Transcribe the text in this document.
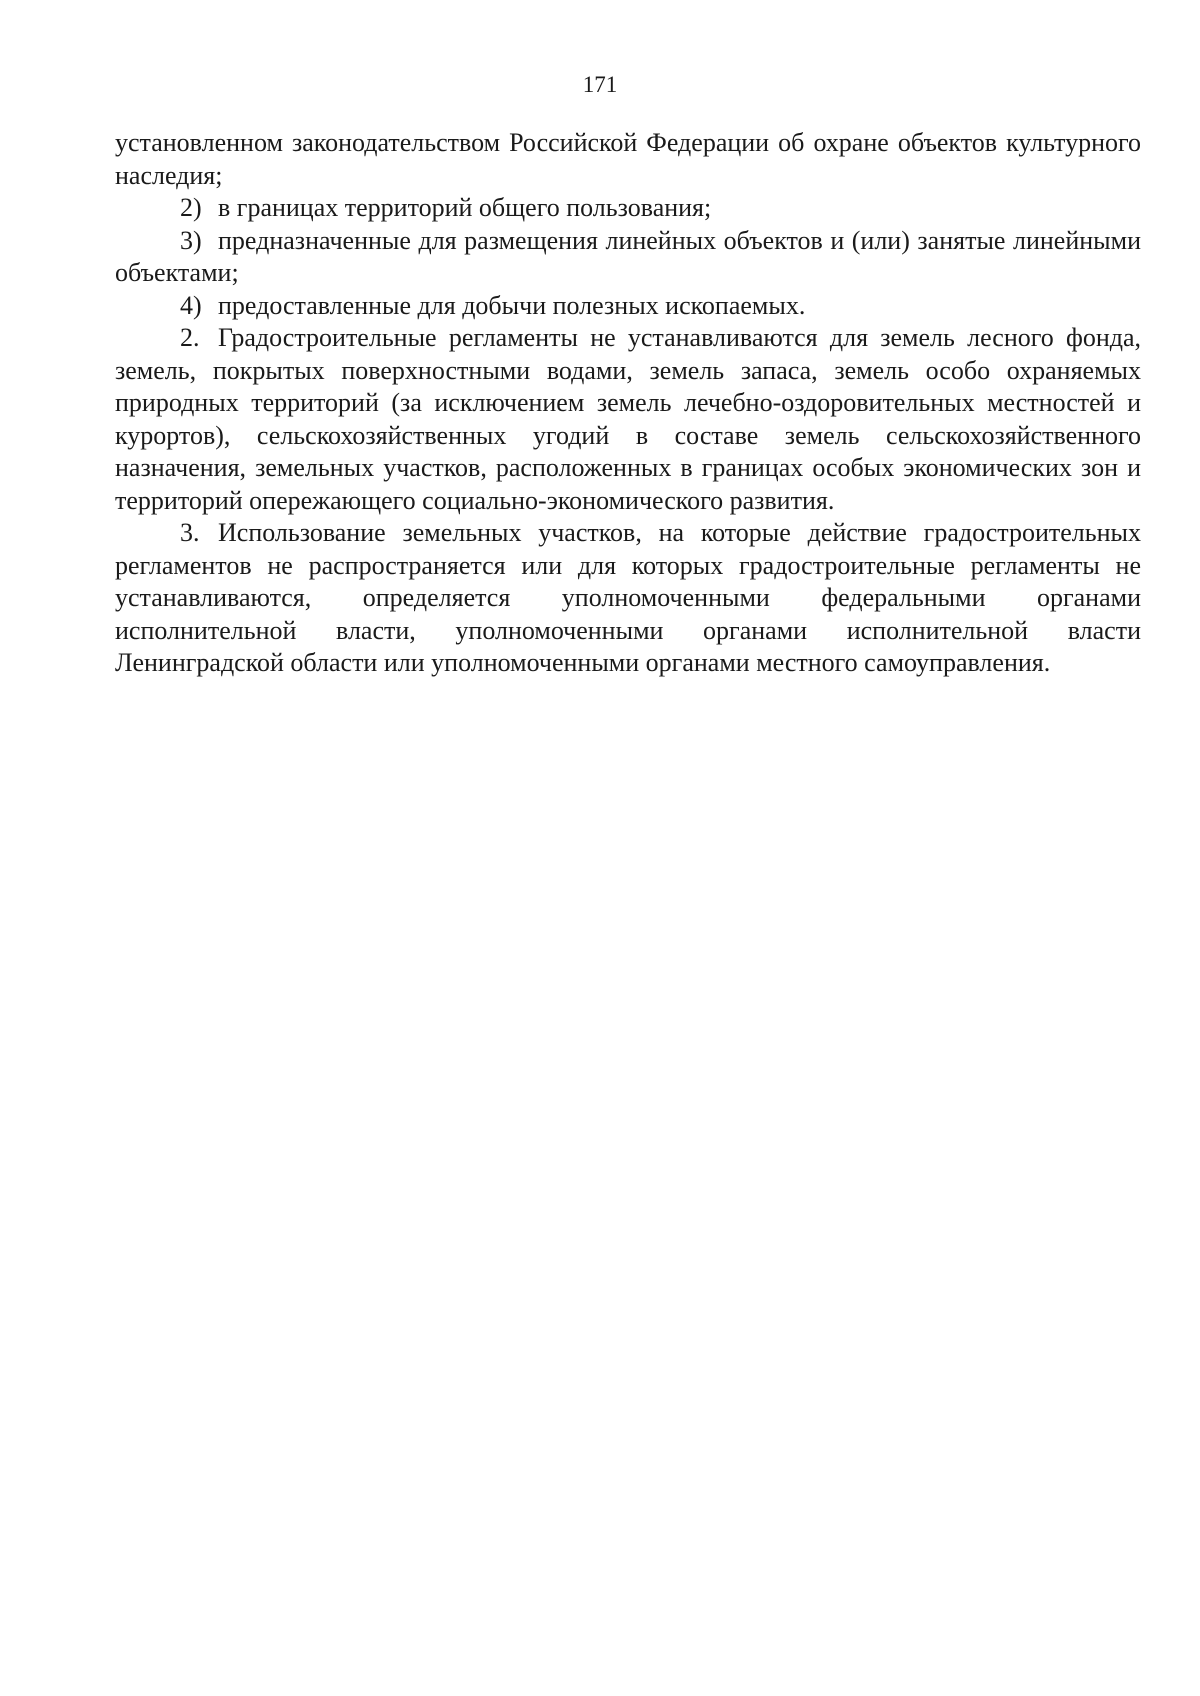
171

установленном законодательством Российской Федерации об охране объектов культурного наследия;

2) в границах территорий общего пользования;

3) предназначенные для размещения линейных объектов и (или) занятые линейными объектами;

4) предоставленные для добычи полезных ископаемых.

2. Градостроительные регламенты не устанавливаются для земель лесного фонда, земель, покрытых поверхностными водами, земель запаса, земель особо охраняемых природных территорий (за исключением земель лечебно-оздоровительных местностей и курортов), сельскохозяйственных угодий в составе земель сельскохозяйственного назначения, земельных участков, расположенных в границах особых экономических зон и территорий опережающего социально-экономического развития.

3. Использование земельных участков, на которые действие градостроительных регламентов не распространяется или для которых градостроительные регламенты не устанавливаются, определяется уполномоченными федеральными органами исполнительной власти, уполномоченными органами исполнительной власти Ленинградской области или уполномоченными органами местного самоуправления.
